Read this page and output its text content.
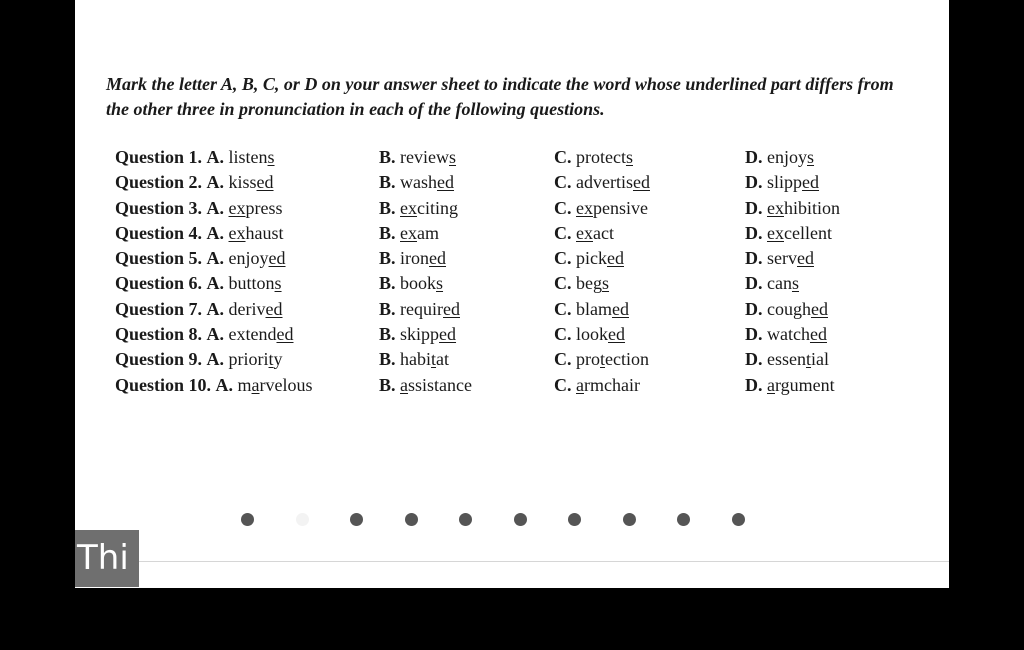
Mark the letter A, B, C, or D on your answer sheet to indicate the word whose underlined part differs from the other three in pronunciation in each of the following questions.
Question 1. A. listens	B. reviews	C. protects	D. enjoys
Question 2. A. kissed	B. washed	C. advertised	D. slipped
Question 3. A. express	B. exciting	C. expensive	D. exhibition
Question 4. A. exhaust	B. exam	C. exact	D. excellent
Question 5. A. enjoyed	B. ironed	C. picked	D. served
Question 6. A. buttons	B. books	C. begs	D. cans
Question 7. A. derived	B. required	C. blamed	D. coughed
Question 8. A. extended	B. skipped	C. looked	D. watched
Question 9. A. priority	B. habitat	C. protection	D. essential
Question 10. A. marvelous	B. assistance	C. armchair	D. argument
Thi
